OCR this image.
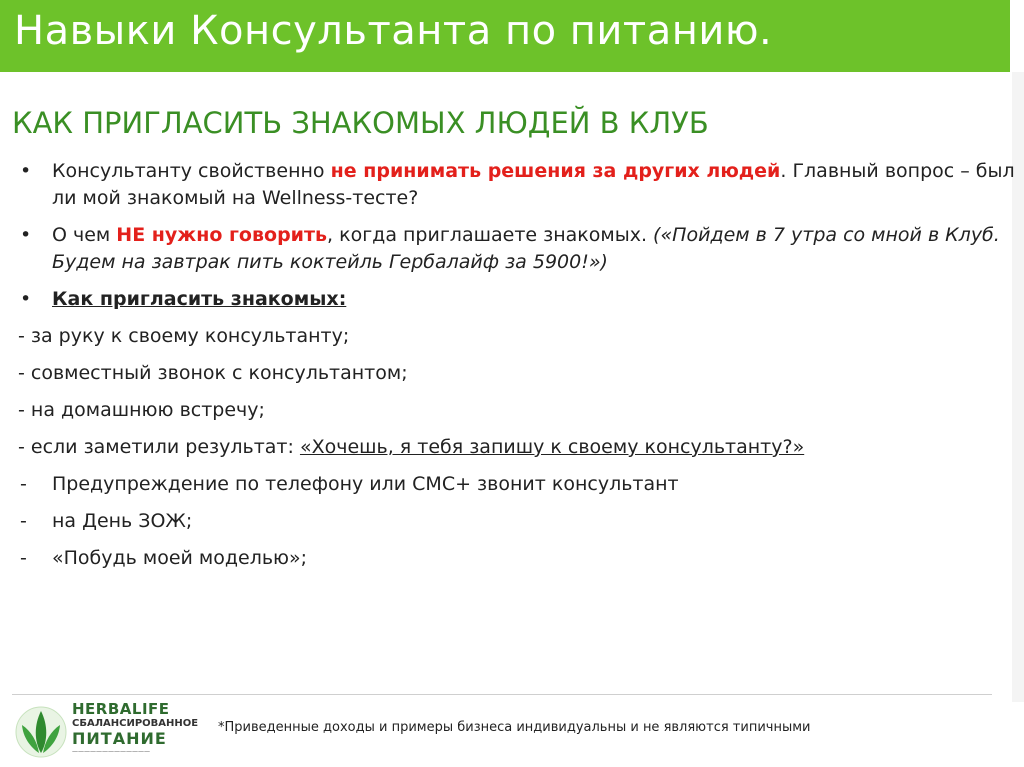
Навыки Консультанта по питанию.
КАК ПРИГЛАСИТЬ ЗНАКОМЫХ ЛЮДЕЙ В КЛУБ
• Консультанту свойственно не принимать решения за других людей. Главный вопрос – был ли мой знакомый на Wellness-тесте?
• О чем НЕ нужно говорить, когда приглашаете знакомых. («Пойдем в 7 утра со мной в Клуб. Будем на завтрак пить коктейль Гербалайф за 5900!»)
• Как пригласить знакомых:
- за руку к своему консультанту;
- совместный звонок с консультантом;
- на домашнюю встречу;
- если заметили результат: «Хочешь, я тебя запишу к своему консультанту?»
- Предупреждение по телефону или СМС+ звонит консультант
- на День ЗОЖ;
- «Побудь моей моделью»;
HERBALIFE
СБАЛАНСИРОВАННОЕ
ПИТАНИЕ
—————————————
*Приведенные доходы и примеры бизнеса индивидуальны и не являются типичными
